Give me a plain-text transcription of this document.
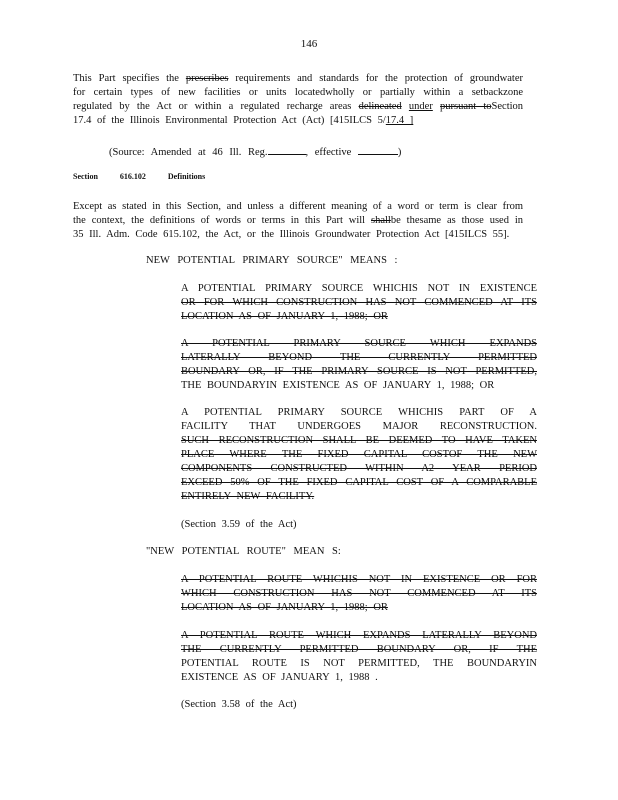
146
This Part specifies the prescribes requirements and standards for the protection of groundwater
for certain types of new facilities or units locatedwholly or partially within a setbackzone
regulated by the Act or within a regulated recharge areas delineated under pursuant toSection
17.4 of the Illinois Environmental Protection Act (Act) [415ILCS 5/17.4 ]
(Source: Amended at 46 Ill. Reg.	, effective	)
Section	616.102	Definitions
Except as stated in this Section, and unless a different meaning of a word or term is clear from
the context, the definitions of words or terms in this Part will shallbe thesame as those used in
35 Ill. Adm. Code 615.102, the Act, or the Illinois Groundwater Protection Act [415ILCS 55].
NEW POTENTIAL PRIMARY SOURCE" MEANS :
A POTENTIAL PRIMARY SOURCE WHICHIS NOT IN EXISTENCE
OR FOR WHICH CONSTRUCTION HAS NOT COMMENCED AT ITS
LOCATION AS OF JANUARY 1, 1988; OR
A POTENTIAL PRIMARY SOURCE WHICH EXPANDS
LATERALLY BEYOND THE CURRENTLY PERMITTED
BOUNDARY OR, IF THE PRIMARY SOURCE IS NOT PERMITTED,
THE BOUNDARYIN EXISTENCE AS OF JANUARY 1, 1988; OR
A POTENTIAL PRIMARY SOURCE WHICHIS PART OF A
FACILITY THAT UNDERGOES MAJOR RECONSTRUCTION.
SUCH RECONSTRUCTION SHALL BE DEEMED TO HAVE TAKEN
PLACE WHERE THE FIXED CAPITAL COSTOF THE NEW
COMPONENTS CONSTRUCTED WITHIN A2 YEAR PERIOD
EXCEED 50% OF THE FIXED CAPITAL COST OF A COMPARABLE
ENTIRELY NEW FACILITY.
(Section 3.59 of the Act)
"NEW POTENTIAL ROUTE" MEAN S:
A POTENTIAL ROUTE WHICHIS NOT IN EXISTENCE OR FOR
WHICH CONSTRUCTION HAS NOT COMMENCED AT ITS
LOCATION AS OF JANUARY 1, 1988; OR
A POTENTIAL ROUTE WHICH EXPANDS LATERALLY BEYOND
THE CURRENTLY PERMITTED BOUNDARY OR, IF THE
POTENTIAL ROUTE IS NOT PERMITTED, THE BOUNDARYIN
EXISTENCE AS OF JANUARY 1, 1988 .
(Section 3.58 of the Act)
